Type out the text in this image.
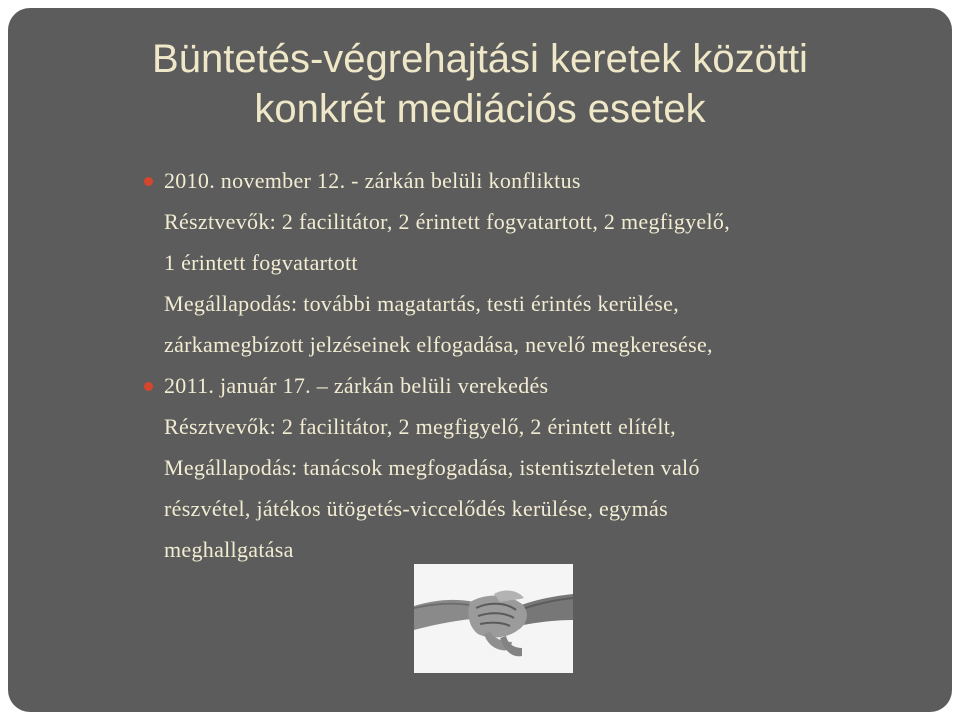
Büntetés-végrehajtási keretek közötti
konkrét mediációs esetek
2010. november 12. - zárkán belüli konfliktus
Résztvevők: 2 facilitátor, 2 érintett fogvatartott, 2 megfigyelő,
1 érintett fogvatartott
Megállapodás: további magatartás, testi érintés kerülése,
zárkamegbízott jelzéseinek elfogadása, nevelő megkeresése,
2011. január 17. – zárkán belüli verekedés
Résztvevők: 2 facilitátor, 2 megfigyelő, 2 érintett elítélt,
Megállapodás: tanácsok megfogadása, istentiszteleten való
részvétel, játékos ütögetés-viccelődés kerülése, egymás
meghallgatása
